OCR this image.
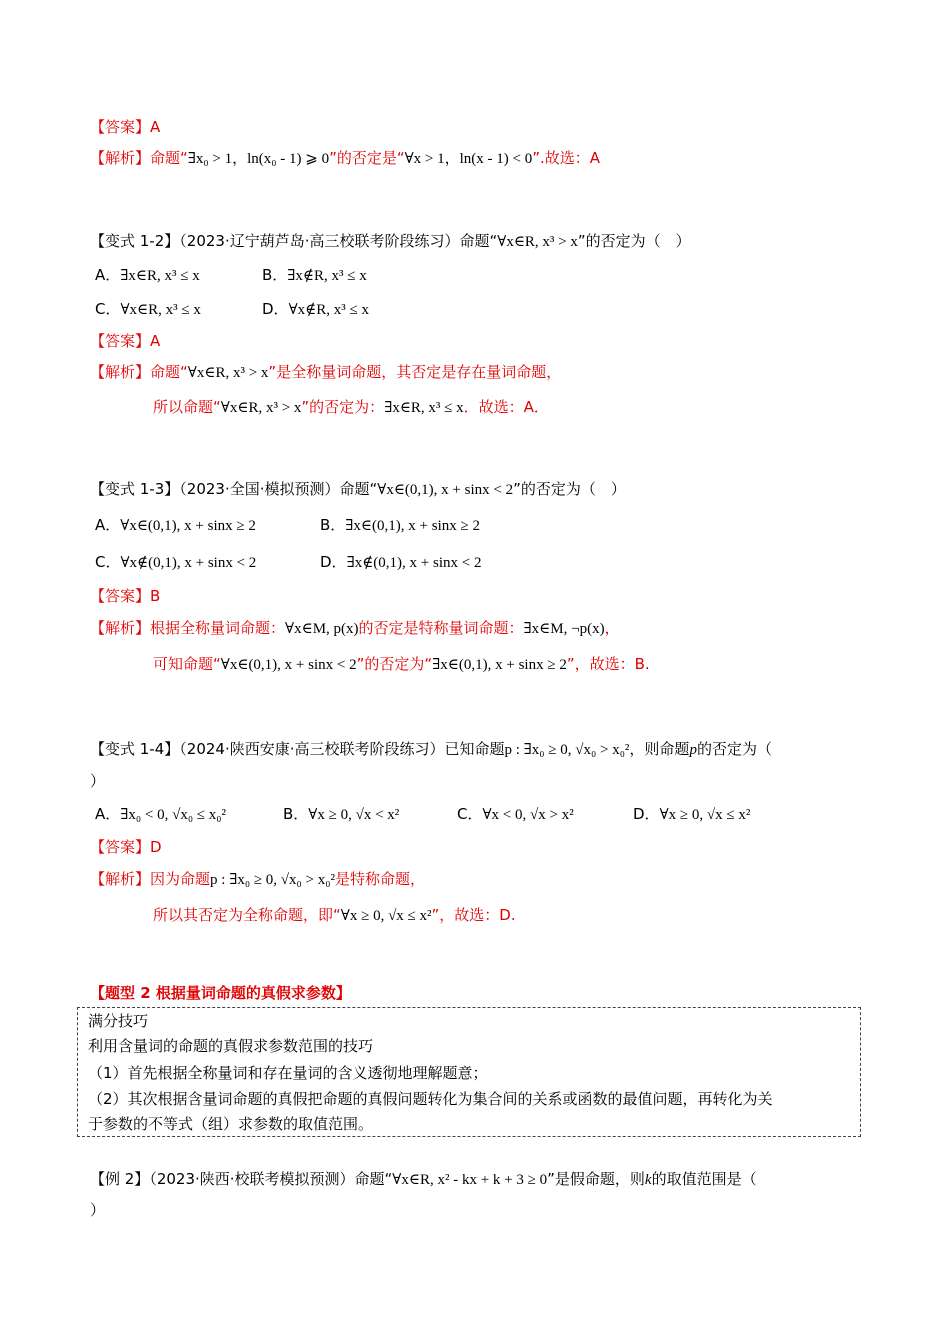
【答案】A
【解析】命题“∃x₀ > 1，ln(x₀ - 1) ⩾ 0”的否定是“∀x > 1，ln(x - 1) < 0”.故选：A
【变式 1-2】（2023·辽宁葫芦岛·高三校联考阶段练习）命题“∀x∈R, x³ > x”的否定为（　）
A．∃x∈R, x³ ≤ x	B．∃x∉R, x³ ≤ x
C．∀x∈R, x³ ≤ x	D．∀x∉R, x³ ≤ x
【答案】A
【解析】命题“∀x∈R, x³ > x”是全称量词命题，其否定是存在量词命题，
所以命题“∀x∈R, x³ > x”的否定为：∃x∈R, x³ ≤ x．故选：A．
【变式 1-3】（2023·全国·模拟预测）命题“∀x∈(0,1), x + sinx < 2”的否定为（　）
A．∀x∈(0,1), x + sinx ≥ 2	B．∃x∈(0,1), x + sinx ≥ 2
C．∀x∉(0,1), x + sinx < 2	D．∃x∉(0,1), x + sinx < 2
【答案】B
【解析】根据全称量词命题：∀x∈M, p(x)的否定是特称量词命题：∃x∈M, ¬p(x)，
可知命题“∀x∈(0,1), x + sinx < 2”的否定为“∃x∈(0,1), x + sinx ≥ 2”，故选：B.
【变式 1-4】（2024·陕西安康·高三校联考阶段练习）已知命题p : ∃x₀ ≥ 0, √x₀ > x₀²，则命题p的否定为（
）
A．∃x₀ < 0, √x₀ ≤ x₀²	B．∀x ≥ 0, √x < x²	C．∀x < 0, √x > x²	D．∀x ≥ 0, √x ≤ x²
【答案】D
【解析】因为命题p : ∃x₀ ≥ 0, √x₀ > x₀²是特称命题，
所以其否定为全称命题，即“∀x ≥ 0, √x ≤ x²”，故选：D.
【题型 2 根据量词命题的真假求参数】
满分技巧
利用含量词的命题的真假求参数范围的技巧
（1）首先根据全称量词和存在量词的含义透彻地理解题意；
（2）其次根据含量词命题的真假把命题的真假问题转化为集合间的关系或函数的最值问题，再转化为关
于参数的不等式（组）求参数的取值范围。
【例 2】（2023·陕西·校联考模拟预测）命题“∀x∈R, x² - kx + k + 3 ≥ 0”是假命题，则k的取值范围是（
）
